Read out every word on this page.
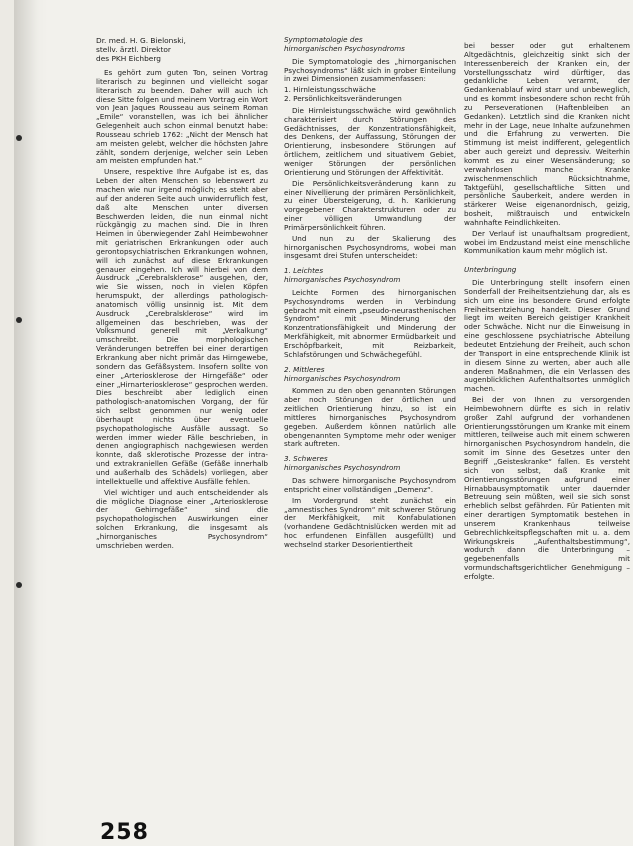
Dr. med. H. G. Bielonski,
stellv. ärztl. Direktor
des PKH Eichberg

Es gehört zum guten Ton, seinen Vortrag literarisch zu beginnen und vielleicht sogar literarisch zu beenden. Daher will auch ich diese Sitte folgen und meinem Vortrag ein Wort von Jean Jaques Rousseau aus seinem Roman „Emile“ voranstellen, was ich bei ähnlicher Gelegenheit auch schon einmal benutzt habe: Rousseau schrieb 1762: „Nicht der Mensch hat am meisten gelebt, welcher die höchsten Jahre zählt, sondern derjenige, welcher sein Leben am meisten empfunden hat.“

Unsere, respektive Ihre Aufgabe ist es, das Leben der alten Menschen so lebenswert zu machen wie nur irgend möglich; es steht aber auf der anderen Seite auch unwiderruflich fest, daß alte Menschen unter diversen Beschwerden leiden, die nun einmal nicht rückgängig zu machen sind. Die in Ihren Heimen in überwiegender Zahl Heimbewohner mit geriatrischen Erkrankungen oder auch gerontopsychiatrischen Erkrankungen wohnen, will ich zunächst auf diese Erkrankungen genauer eingehen. Ich will hierbei von dem Ausdruck „Cerebralsklerose“ ausgehen, der, wie Sie wissen, noch in vielen Köpfen herumspukt, der allerdings pathologisch-anatomisch völlig unsinnig ist. Mit dem Ausdruck „Cerebralsklerose“ wird im allgemeinen das beschrieben, was der Volksmund generell mit „Verkalkung“ umschreibt. Die morphologischen Veränderungen betreffen bei einer derartigen Erkrankung aber nicht primär das Hirngewebe, sondern das Gefäßsystem. Insofern sollte von einer „Arteriosklerose der Hirngefäße“ oder einer „Hirnarteriosklerose“ gesprochen werden. Dies beschreibt aber lediglich einen pathologisch-anatomischen Vorgang, der für sich selbst genommen nur wenig oder überhaupt nichts über eventuelle psychopathologische Ausfälle aussagt. So werden immer wieder Fälle beschrieben, in denen angiographisch nachgewiesen werden konnte, daß sklerotische Prozesse der intra- und extrakraniellen Gefäße (Gefäße innerhalb und außerhalb des Schädels) vorliegen, aber intellektuelle und affektive Ausfälle fehlen.

Viel wichtiger und auch entscheidender als die mögliche Diagnose einer „Arteriosklerose der Gehirngefäße“ sind die psychopathologischen Auswirkungen einer solchen Erkrankung, die insgesamt als „hirnorganisches Psychosyndrom“ umschrieben werden.

Symptomatologie des
hirnorganischen Psychosyndroms

Die Symptomatologie des „hirnorganischen Psychosyndroms“ läßt sich in grober Einteilung in zwei Dimensionen zusammenfassen:

1. Hirnleistungsschwäche
2. Persönlichkeitsveränderungen

Die Hirnleistungsschwäche wird gewöhnlich charakterisiert durch Störungen des Gedächtnisses, der Konzentrationsfähigkeit, des Denkens, der Auffassung, Störungen der Orientierung, insbesondere Störungen auf örtlichem, zeitlichem und situativem Gebiet, weniger Störungen der persönlichen Orientierung und Störungen der Affektivität.

Die Persönlichkeitsveränderung kann zu einer Nivellierung der primären Persönlichkeit, zu einer Übersteigerung, d. h. Karikierung vorgegebener Charakterstrukturen oder zu einer völligen Umwandlung der Primärpersönlichkeit führen.

Und nun zu der Skalierung des hirnorganischen Psychosyndroms, wobei man insgesamt drei Stufen unterscheidet:

1. Leichtes
hirnorganisches Psychosyndrom

Leichte Formen des hirnorganischen Psychosyndroms werden in Verbindung gebracht mit einem „pseudo-neurasthenischen Syndrom“ mit Minderung der Konzentrationsfähigkeit und Minderung der Merkfähigkeit, mit abnormer Ermüdbarkeit und Erschöpfbarkeit, mit Reizbarkeit, Schlafstörungen und Schwächegefühl.

2. Mittleres
hirnorganisches Psychosyndrom

Kommen zu den oben genannten Störungen aber noch Störungen der örtlichen und zeitlichen Orientierung hinzu, so ist ein mittleres hirnorganisches Psychosyndrom gegeben. Außerdem können natürlich alle obengenannten Symptome mehr oder weniger stark auftreten.

3. Schweres
hirnorganisches Psychosyndrom

Das schwere hirnorganische Psychosyndrom entspricht einer vollständigen „Demenz“.

Im Vordergrund steht zunächst ein „amnestisches Syndrom“ mit schwerer Störung der Merkfähigkeit, mit Konfabulationen (vorhandene Gedächtnislücken werden mit ad hoc erfundenen Einfällen ausgefüllt) und wechselnd starker Desorientiertheit

bei besser oder gut erhaltenem Altgedächtnis, gleichzeitig sinkt sich der Interessenbereich der Kranken ein, der Vorstellungsschatz wird dürftiger, das gedankliche Leben verarmt, der Gedankenablauf wird starr und unbeweglich, und es kommt insbesondere schon recht früh zu Perseverationen (Haftenbleiben an Gedanken). Letztlich sind die Kranken nicht mehr in der Lage, neue Inhalte aufzunehmen und die Erfahrung zu verwerten. Die Stimmung ist meist indifferent, gelegentlich aber auch gereizt und depressiv. Weiterhin kommt es zu einer Wesensänderung; so verwahrlosen manche Kranke zwischenmenschlich Rücksichtnahme, Taktgefühl, gesellschaftliche Sitten und persönliche Sauberkeit, andere werden in stärkerer Weise eigenanordnisch, geizig, bosheit, mißtrauisch und entwickeln wahnhafte Feindlichkeiten.

Der Verlauf ist unaufhaltsam progredient, wobei im Endzustand meist eine menschliche Kommunikation kaum mehr möglich ist.

Unterbringung

Die Unterbringung stellt insofern einen Sonderfall der Freiheitsentziehung dar, als es sich um eine ins besondere Grund erfolgte Freiheitsentziehung handelt. Dieser Grund liegt im weiten Bereich geistiger Krankheit oder Schwäche. Nicht nur die Einweisung in eine geschlossene psychiatrische Abteilung bedeutet Entziehung der Freiheit, auch schon der Transport in eine entsprechende Klinik ist in diesem Sinne zu werten, aber auch alle anderen Maßnahmen, die ein Verlassen des augenblicklichen Aufenthaltsortes unmöglich machen.

Bei der von Ihnen zu versorgenden Heimbewohnern dürfte es sich in relativ großer Zahl aufgrund der vorhandenen Orientierungsstörungen um Kranke mit einem mittleren, teilweise auch mit einem schweren hirnorganischen Psychosyndrom handeln, die somit im Sinne des Gesetzes unter den Begriff „Geisteskranke“ fallen. Es versteht sich von selbst, daß Kranke mit Orientierungsstörungen aufgrund einer Hirnabbausymptomatik unter dauernder Betreuung sein müßten, weil sie sich sonst erheblich selbst gefährden. Für Patienten mit einer derartigen Symptomatik bestehen in unserem Krankenhaus teilweise Gebrechlichkeitspflegschaften mit u. a. dem Wirkungskreis „Aufenthaltsbestimmung“, wodurch dann die Unterbringung – gegebenenfalls mit vormundschaftsgerichtlicher Genehmigung – erfolgte.

258
